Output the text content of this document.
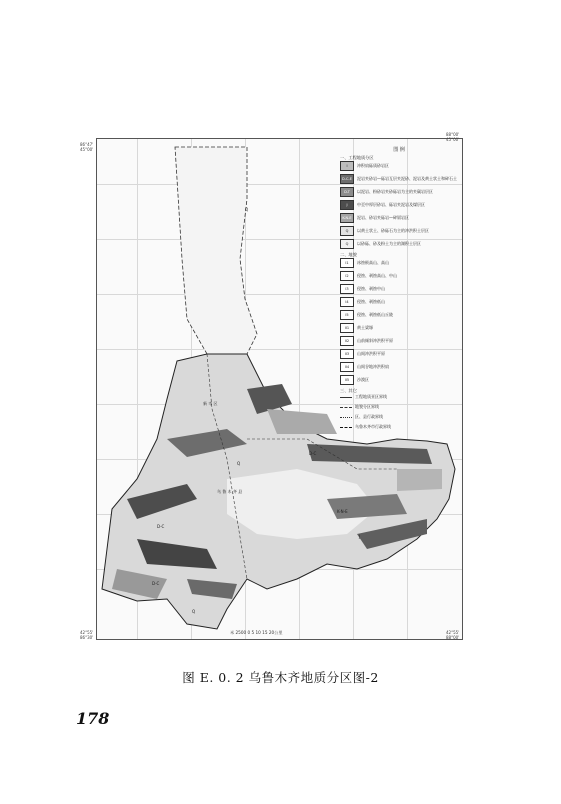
Q
新 市 区
乌 鲁 木 齐 县
D-C
D-C
D-C
K-N-E
J
Q
Q
86°47'
45°00'
88°00'
45°00'
42°55'
86°30'
42°55'
88°00'
图 例
一、工程地质分区
I	冲积扇砾质砂岩区
D-C-E	泥岩夹砂岩—砾岩互层夹泥砂、泥岩及黄土状土和碎石土
D-T	以泥岩、粉砂岩夹砂砾岩为主的夹碳岩层区
J	中至中厚层砂岩、砾岩夹泥岩及煤层区
K-N-E	泥岩、砂岩夹砾岩—碎屑岩区
Q	以黄土状土、砂砾石为主的冲洪积土层区
Q	以砂砾、砂及粉土为主的湖积土层区
二、地貌
I1	冰蚀极高山、高山
I2	侵蚀、剥蚀高山、中山
I3	侵蚀、剥蚀中山
I4	侵蚀、剥蚀低山
I5	侵蚀、剥蚀低山丘陵
II1	黄土梁塬
II2	山前倾斜冲洪积平原
II3	山间冲洪积平原
II4	山间谷地冲洪积扇
II5	沙漠区
三、其它
工程地质亚区界线
地貌分区界线
区、县行政界线
乌鲁木齐市行政界线
米 2500 0 5 10 15 20公里
图 E. 0. 2 乌鲁木齐地质分区图-2
178
